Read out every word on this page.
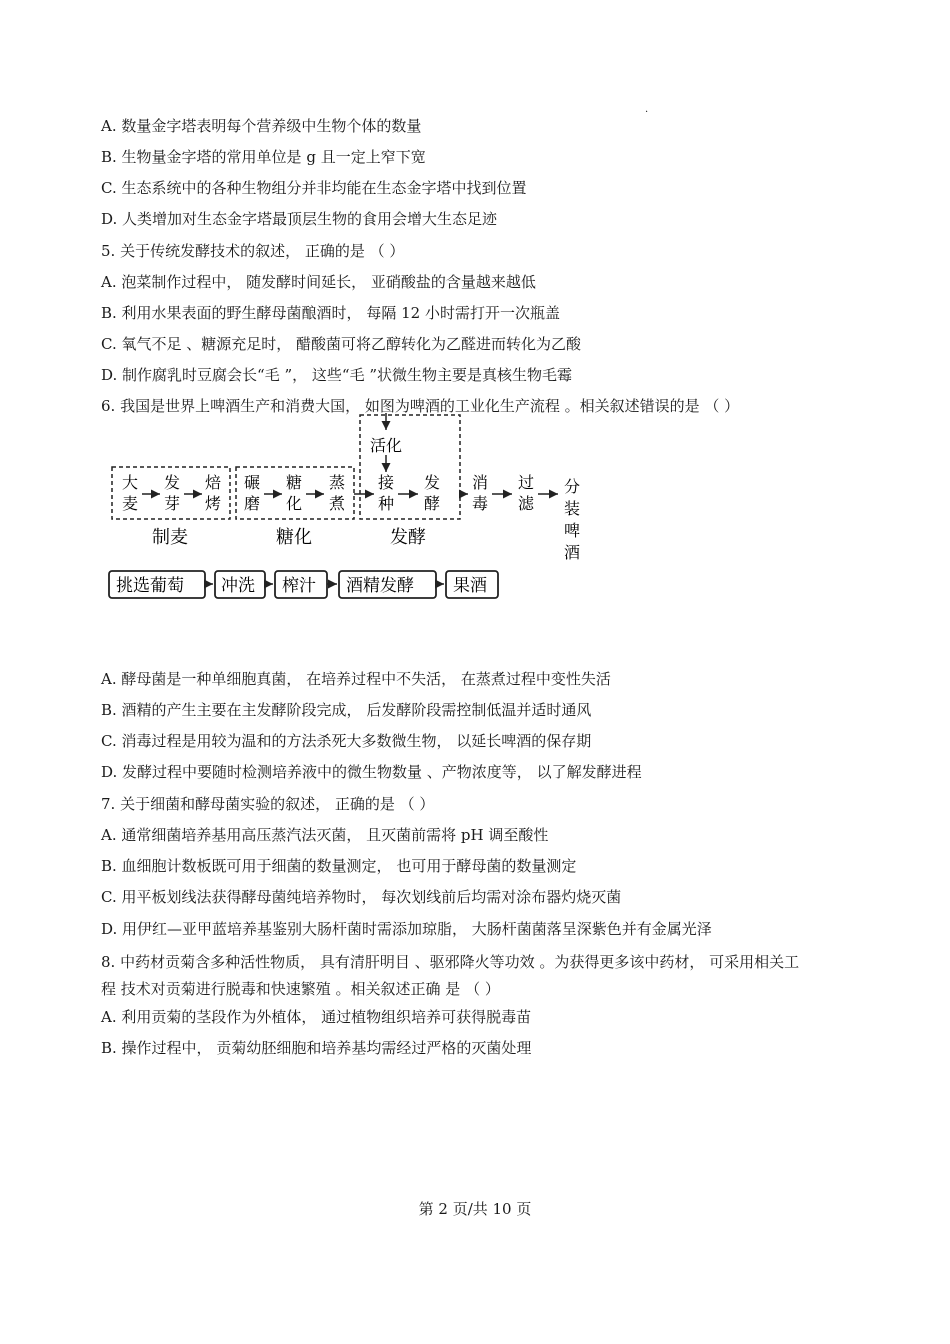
.
A. 数量金字塔表明每个营养级中生物个体的数量
B. 生物量金字塔的常用单位是 g 且一定上窄下宽
C. 生态系统中的各种生物组分并非均能在生态金字塔中找到位置
D. 人类增加对生态金字塔最顶层生物的食用会增大生态足迹
5. 关于传统发酵技术的叙述， 正确的是 （ ）
A. 泡菜制作过程中， 随发酵时间延长， 亚硝酸盐的含量越来越低
B. 利用水果表面的野生酵母菌酿酒时， 每隔 12 小时需打开一次瓶盖
C. 氧气不足 、糖源充足时， 醋酸菌可将乙醇转化为乙醛进而转化为乙酸
D. 制作腐乳时豆腐会长“毛 ”， 这些“毛 ”状微生物主要是真核生物毛霉
6. 我国是世界上啤酒生产和消费大国， 如图为啤酒的工业化生产流程 。相关叙述错误的是 （ ）
活化
大
麦
发
芽
焙
烤
碾
磨
糖
化
蒸
煮
接
种
发
酵
消
毒
过
滤
分
装
啤
酒
制麦	糖化	发酵
挑选葡萄 冲洗 榨汁 酒精发酵 果酒
A. 酵母菌是一种单细胞真菌， 在培养过程中不失活， 在蒸煮过程中变性失活
B. 酒精的产生主要在主发酵阶段完成， 后发酵阶段需控制低温并适时通风
C. 消毒过程是用较为温和的方法杀死大多数微生物， 以延长啤酒的保存期
D. 发酵过程中要随时检测培养液中的微生物数量 、产物浓度等， 以了解发酵进程
7. 关于细菌和酵母菌实验的叙述， 正确的是 （ ）
A. 通常细菌培养基用高压蒸汽法灭菌， 且灭菌前需将 pH 调至酸性
B. 血细胞计数板既可用于细菌的数量测定， 也可用于酵母菌的数量测定
C. 用平板划线法获得酵母菌纯培养物时， 每次划线前后均需对涂布器灼烧灭菌
D. 用伊红—亚甲蓝培养基鉴别大肠杆菌时需添加琼脂， 大肠杆菌菌落呈深紫色并有金属光泽
8. 中药材贡菊含多种活性物质， 具有清肝明目 、驱邪降火等功效 。为获得更多该中药材， 可采用相关工
程 技术对贡菊进行脱毒和快速繁殖 。相关叙述正确 是 （ ）
A. 利用贡菊的茎段作为外植体， 通过植物组织培养可获得脱毒苗
B. 操作过程中， 贡菊幼胚细胞和培养基均需经过严格的灭菌处理
第 2 页/共 10 页
